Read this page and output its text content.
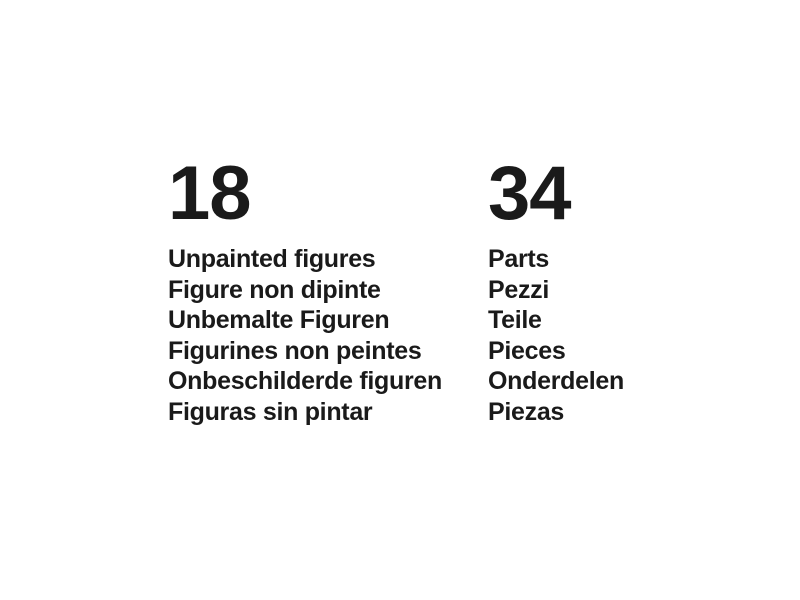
18
Unpainted figures
Figure non dipinte
Unbemalte Figuren
Figurines non peintes
Onbeschilderde figuren
Figuras sin pintar
34
Parts
Pezzi
Teile
Pieces
Onderdelen
Piezas
